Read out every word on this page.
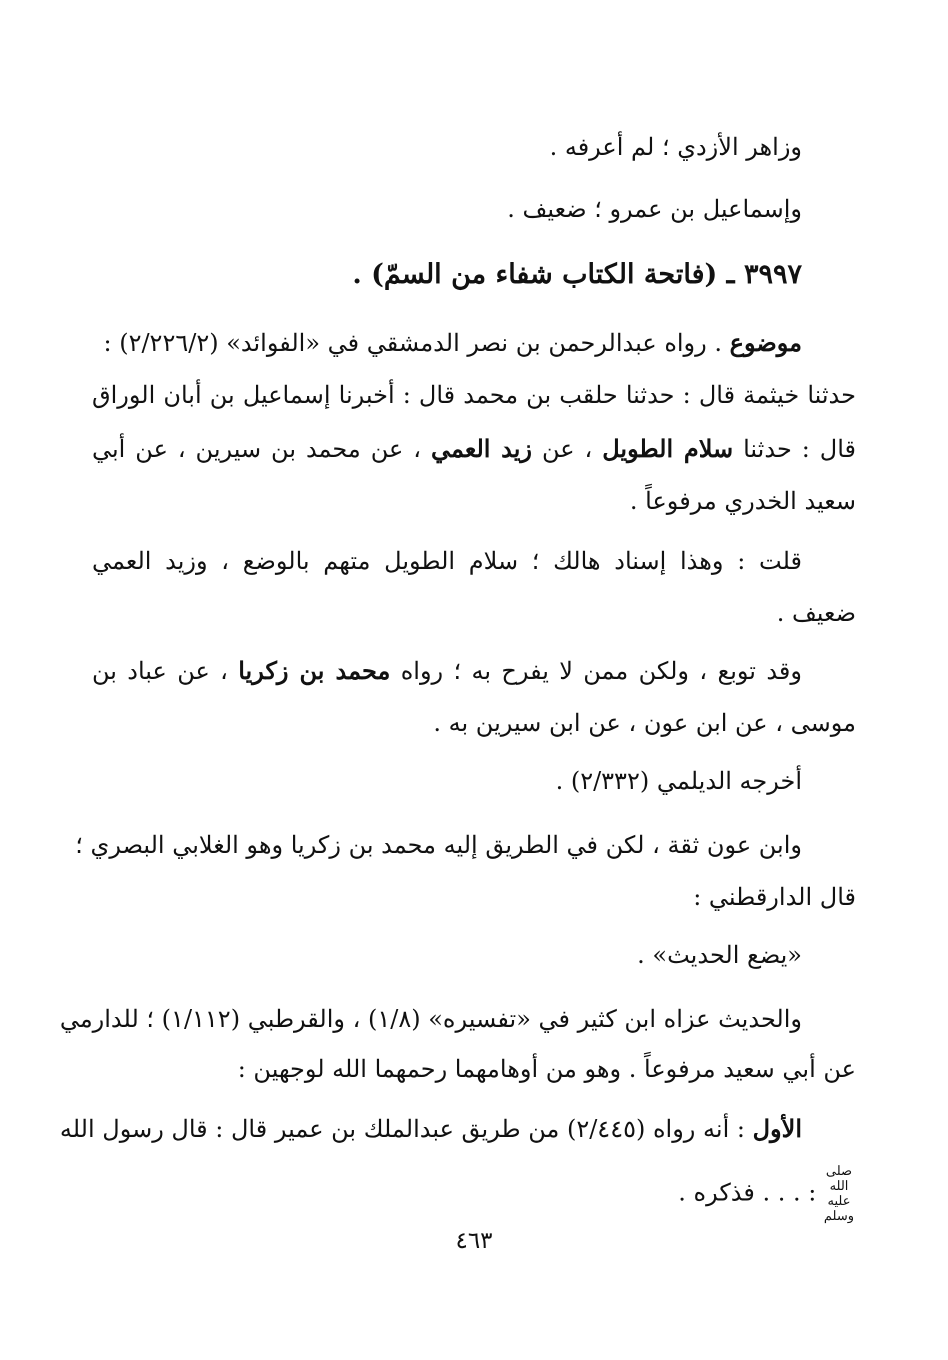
وزاهر الأزدي ؛ لم أعرفه .
وإسماعيل بن عمرو ؛ ضعيف .
٣٩٩٧ ـ (فاتحة الكتاب شفاء من السمّ) .
موضوع . رواه عبدالرحمن بن نصر الدمشقي في «الفوائد» (٢/٢٢٦/٢) :
حدثنا خيثمة قال : حدثنا حلقب بن محمد قال : أخبرنا إسماعيل بن أبان الوراق
قال : حدثنا سلام الطويل ، عن زيد العمي ، عن محمد بن سيرين ، عن أبي
سعيد الخدري مرفوعاً .
قلت : وهذا إسناد هالك ؛ سلام الطويل متهم بالوضع ، وزيد العمي
ضعيف .
وقد توبع ، ولكن ممن لا يفرح به ؛ رواه محمد بن زكريا ، عن عباد بن
موسى ، عن ابن عون ، عن ابن سيرين به .
أخرجه الديلمي (٢/٣٣٢) .
وابن عون ثقة ، لكن في الطريق إليه محمد بن زكريا وهو الغلابي البصري ؛
قال الدارقطني :
«يضع الحديث» .
والحديث عزاه ابن كثير في «تفسيره» (١/٨) ، والقرطبي (١/١١٢) ؛ للدارمي
عن أبي سعيد مرفوعاً . وهو من أوهامهما رحمهما الله لوجهين :
الأول : أنه رواه (٢/٤٤٥) من طريق عبدالملك بن عمير قال : قال رسول الله
صلى الله عليه وسلم : . . . فذكره .
٤٦٣
